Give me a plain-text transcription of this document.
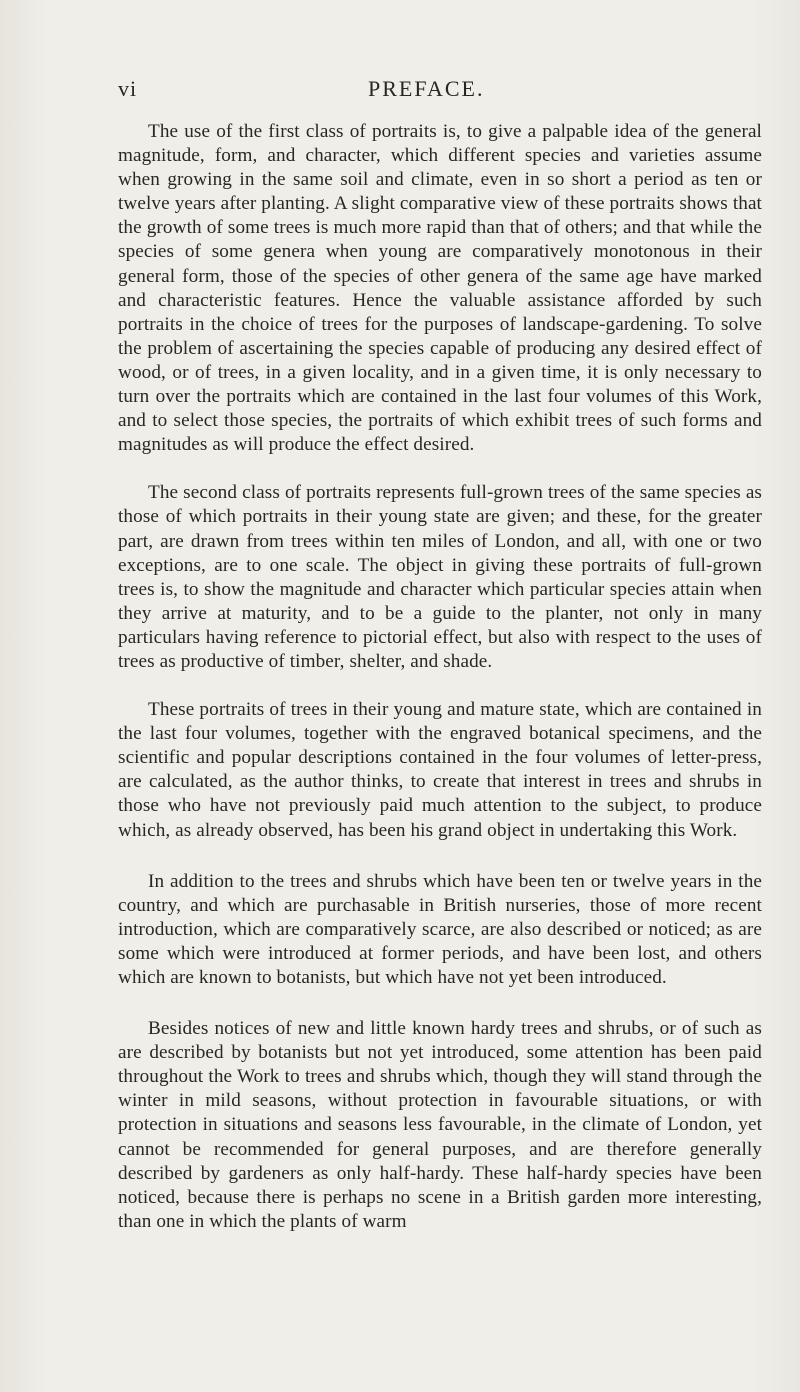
vi	PREFACE.

The use of the first class of portraits is, to give a palpable idea of the general magnitude, form, and character, which different species and varieties assume when growing in the same soil and climate, even in so short a period as ten or twelve years after planting. A slight comparative view of these portraits shows that the growth of some trees is much more rapid than that of others; and that while the species of some genera when young are comparatively monotonous in their general form, those of the species of other genera of the same age have marked and characteristic features. Hence the valuable assistance afforded by such portraits in the choice of trees for the purposes of landscape-gardening. To solve the problem of ascertaining the species capable of producing any desired effect of wood, or of trees, in a given locality, and in a given time, it is only necessary to turn over the portraits which are contained in the last four volumes of this Work, and to select those species, the portraits of which exhibit trees of such forms and magnitudes as will produce the effect desired.

The second class of portraits represents full-grown trees of the same species as those of which portraits in their young state are given; and these, for the greater part, are drawn from trees within ten miles of London, and all, with one or two exceptions, are to one scale. The object in giving these portraits of full-grown trees is, to show the magnitude and character which particular species attain when they arrive at maturity, and to be a guide to the planter, not only in many particulars having reference to pictorial effect, but also with respect to the uses of trees as productive of timber, shelter, and shade.

These portraits of trees in their young and mature state, which are contained in the last four volumes, together with the engraved botanical specimens, and the scientific and popular descriptions contained in the four volumes of letter-press, are calculated, as the author thinks, to create that interest in trees and shrubs in those who have not previously paid much attention to the subject, to produce which, as already observed, has been his grand object in undertaking this Work.

In addition to the trees and shrubs which have been ten or twelve years in the country, and which are purchasable in British nurseries, those of more recent introduction, which are comparatively scarce, are also described or noticed; as are some which were introduced at former periods, and have been lost, and others which are known to botanists, but which have not yet been introduced.

Besides notices of new and little known hardy trees and shrubs, or of such as are described by botanists but not yet introduced, some attention has been paid throughout the Work to trees and shrubs which, though they will stand through the winter in mild seasons, without protection in favourable situations, or with protection in situations and seasons less favourable, in the climate of London, yet cannot be recommended for general purposes, and are therefore generally described by gardeners as only half-hardy. These half-hardy species have been noticed, because there is perhaps no scene in a British garden more interesting, than one in which the plants of warm
